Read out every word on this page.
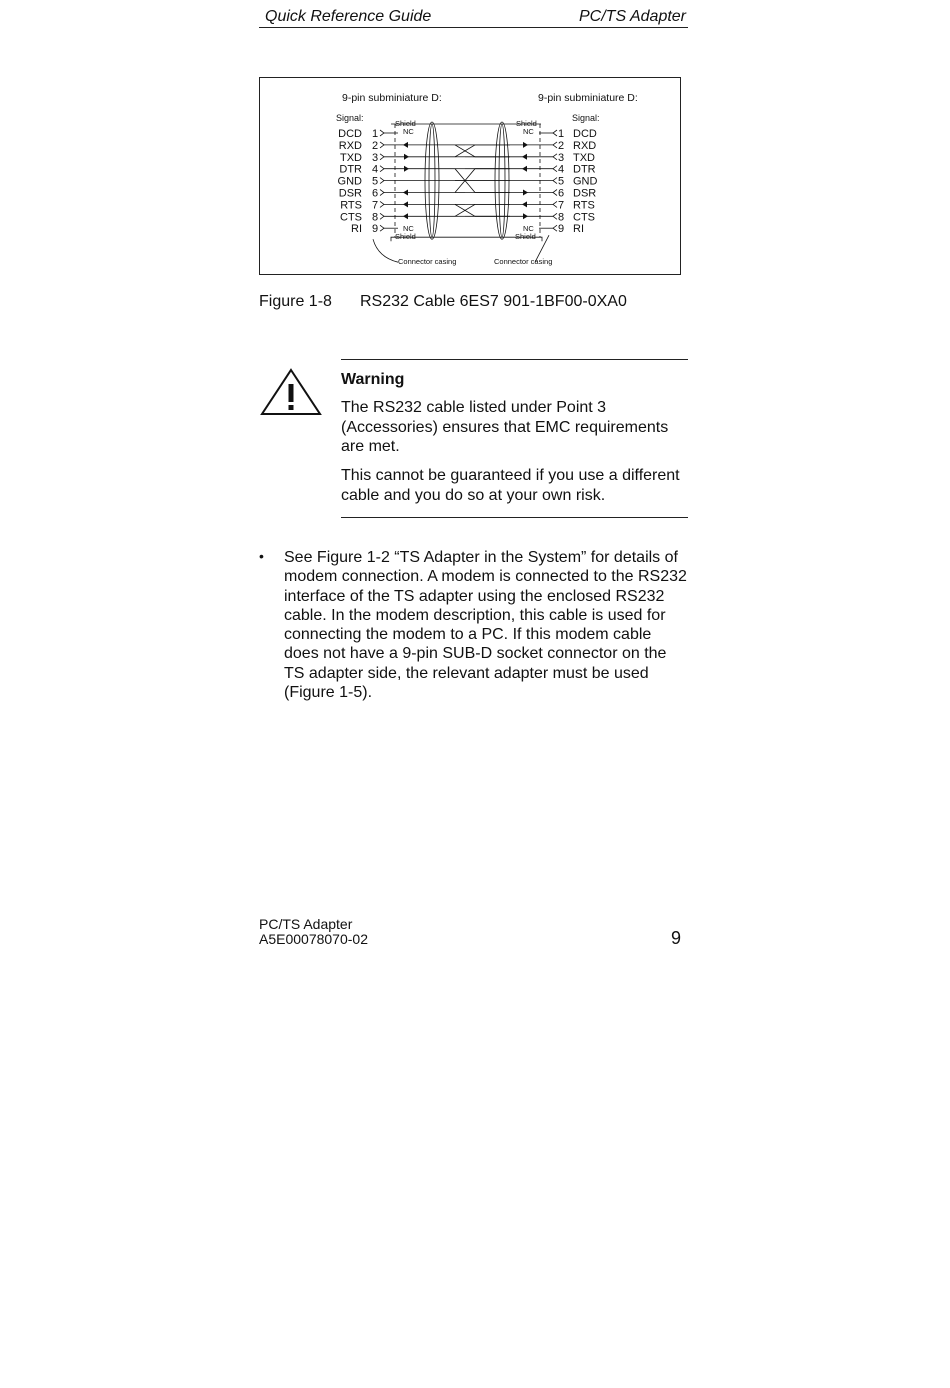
Quick Reference Guide	PC/TS Adapter
9-pin subminiature D:	9-pin subminiature D:
Signal:	Signal:
Shield	Shield
NC	NC
NC	NC
Shield	Shield
Connector casing	Connector casing
DCD 1	1 DCD
RXD 2	2 RXD
TXD 3	3 TXD
DTR 4	4 DTR
GND 5	5 GND
DSR 6	6 DSR
RTS 7	7 RTS
CTS 8	8 CTS
RI 9	9 RI
Figure 1-8 RS232 Cable 6ES7 901-1BF00-0XA0
Warning
The RS232 cable listed under Point 3 (Accessories) ensures that EMC requirements are met.
This cannot be guaranteed if you use a different cable and you do so at your own risk.
• See Figure 1-2 “TS Adapter in the System” for details of modem connection. A modem is connected to the RS232 interface of the TS adapter using the enclosed RS232 cable. In the modem description, this cable is used for connecting the modem to a PC. If this modem cable does not have a 9-pin SUB-D socket connector on the TS adapter side, the relevant adapter must be used (Figure 1-5).
PC/TS Adapter
A5E00078070-02	9
